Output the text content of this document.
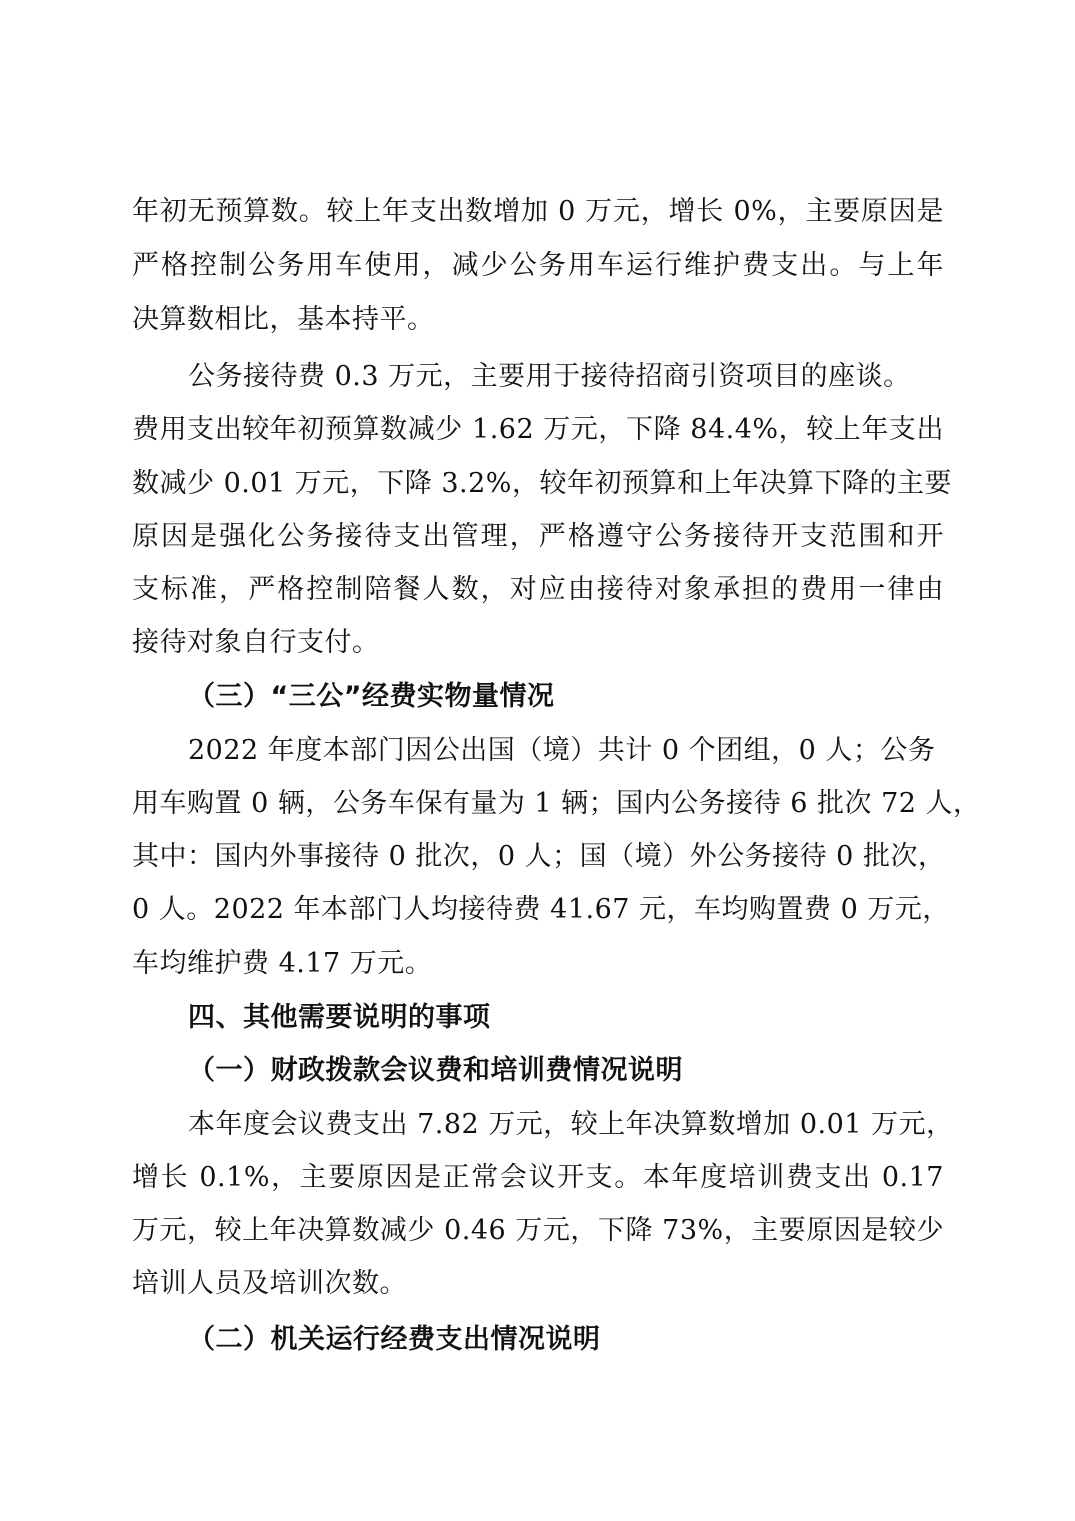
年初无预算数。较上年支出数增加 0 万元，增长 0%，主要原因是
严格控制公务用车使用，减少公务用车运行维护费支出。与上年
决算数相比，基本持平。
公务接待费 0.3 万元，主要用于接待招商引资项目的座谈。
费用支出较年初预算数减少 1.62 万元，下降 84.4%，较上年支出
数减少 0.01 万元，下降 3.2%，较年初预算和上年决算下降的主要
原因是强化公务接待支出管理，严格遵守公务接待开支范围和开
支标准，严格控制陪餐人数，对应由接待对象承担的费用一律由
接待对象自行支付。
（三）“三公”经费实物量情况
2022 年度本部门因公出国（境）共计 0 个团组，0 人；公务
用车购置 0 辆，公务车保有量为 1 辆；国内公务接待 6 批次 72 人，
其中：国内外事接待 0 批次，0 人；国（境）外公务接待 0 批次，
0 人。2022 年本部门人均接待费 41.67 元，车均购置费 0 万元，
车均维护费 4.17 万元。
四、其他需要说明的事项
（一）财政拨款会议费和培训费情况说明
本年度会议费支出 7.82 万元，较上年决算数增加 0.01 万元，
增长 0.1%，主要原因是正常会议开支。本年度培训费支出 0.17
万元，较上年决算数减少 0.46 万元，下降 73%，主要原因是较少
培训人员及培训次数。
（二）机关运行经费支出情况说明
